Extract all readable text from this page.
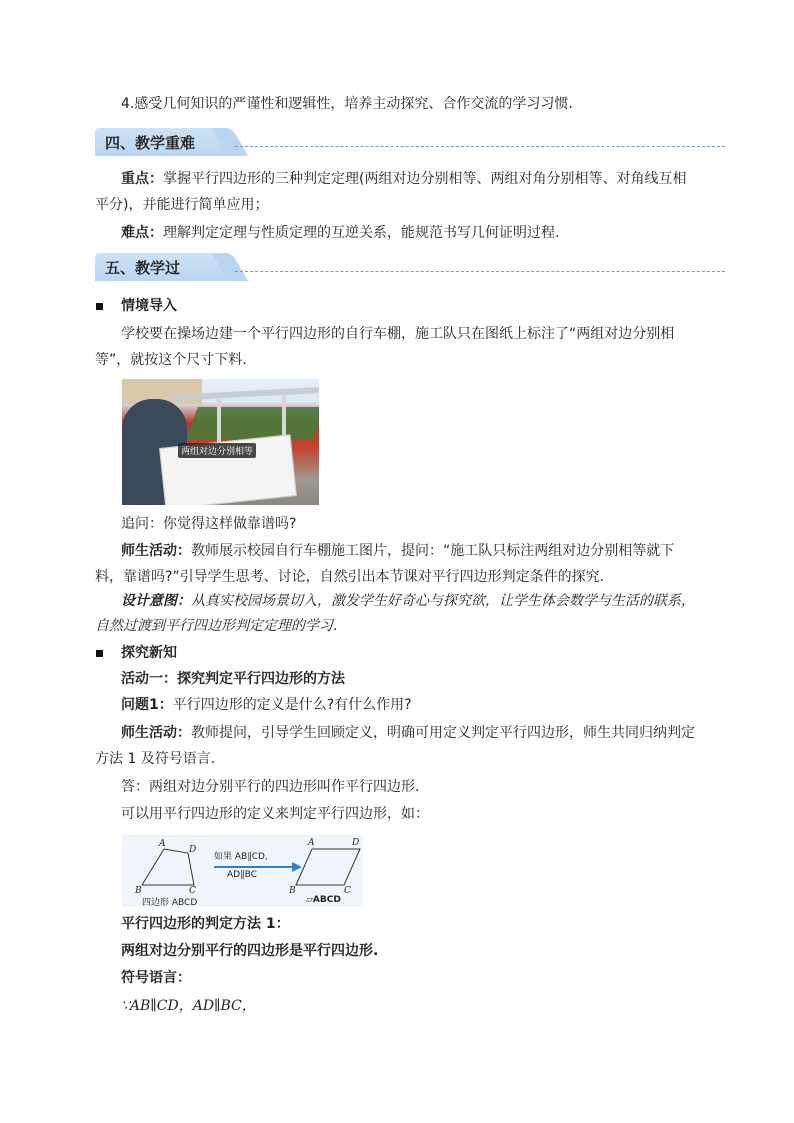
4.感受几何知识的严谨性和逻辑性，培养主动探究、合作交流的学习习惯.
四、教学重难
重点：掌握平行四边形的三种判定定理(两组对边分别相等、两组对角分别相等、对角线互相
平分)，并能进行简单应用；
难点：理解判定定理与性质定理的互逆关系，能规范书写几何证明过程.
五、教学过
情境导入
学校要在操场边建一个平行四边形的自行车棚，施工队只在图纸上标注了“两组对边分别相
等”，就按这个尺寸下料.
两组对边分别相等
追问：你觉得这样做靠谱吗?
师生活动：教师展示校园自行车棚施工图片，提问：“施工队只标注两组对边分别相等就下
料，靠谱吗?”引导学生思考、讨论，自然引出本节课对平行四边形判定条件的探究.
设计意图：从真实校园场景切入，激发学生好奇心与探究欲，让学生体会数学与生活的联系，
自然过渡到平行四边形判定定理的学习.
探究新知
活动一：探究判定平行四边形的方法
问题1：平行四边形的定义是什么?有什么作用?
师生活动：教师提问，引导学生回顾定义，明确可用定义判定平行四边形，师生共同归纳判定
方法 1 及符号语言.
答：两组对边分别平行的四边形叫作平行四边形.
可以用平行四边形的定义来判定平行四边形，如：
A
B	C
D
四边形 ABCD
如果 AB∥CD,
AD∥BC
A
B	C
D
▱ABCD
平行四边形的判定方法 1：
两组对边分别平行的四边形是平行四边形.
符号语言：
∵AB∥CD，AD∥BC，
